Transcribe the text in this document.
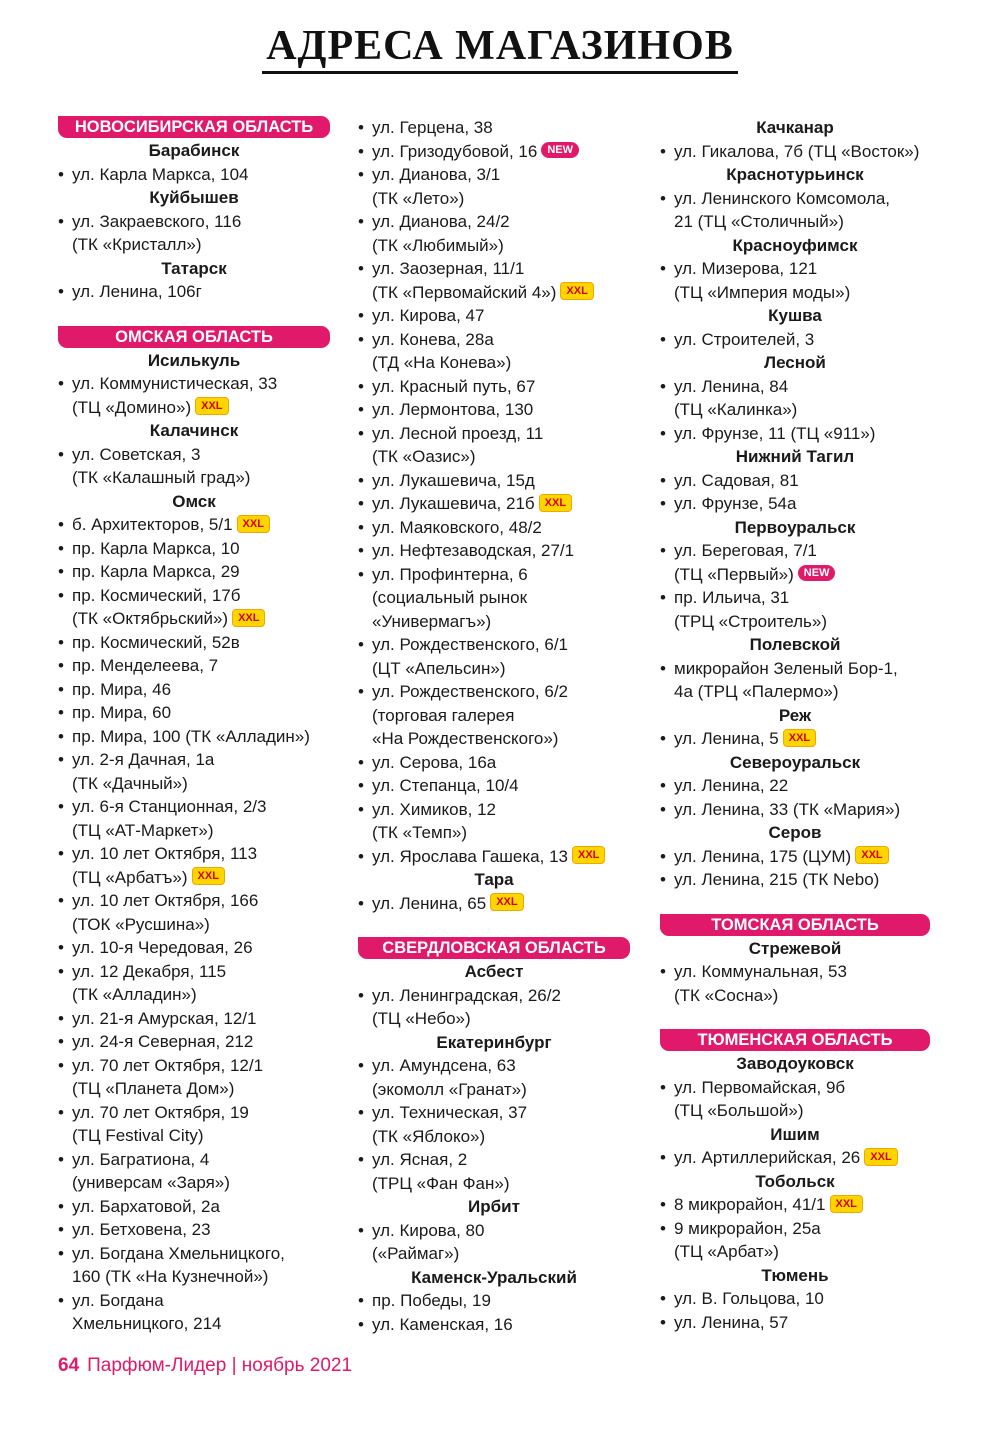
АДРЕСА МАГАЗИНОВ
НОВОСИБИРСКАЯ ОБЛАСТЬ
Барабинск
• ул. Карла Маркса, 104
Куйбышев
• ул. Закраевского, 116
(ТК «Кристалл»)
Татарск
• ул. Ленина, 106г
ОМСКАЯ ОБЛАСТЬ
Исилькуль
• ул. Коммунистическая, 33
(ТЦ «Домино») XXL
Калачинск
• ул. Советская, 3
(ТК «Калашный град»)
Омск
• б. Архитекторов, 5/1 XXL
• пр. Карла Маркса, 10
• пр. Карла Маркса, 29
• пр. Космический, 17б
(ТК «Октябрьский») XXL
• пр. Космический, 52в
• пр. Менделеева, 7
• пр. Мира, 46
• пр. Мира, 60
• пр. Мира, 100 (ТК «Алладин»)
• ул. 2-я Дачная, 1а
(ТК «Дачный»)
• ул. 6-я Станционная, 2/3
(ТЦ «АТ-Маркет»)
• ул. 10 лет Октября, 113
(ТЦ «Арбатъ») XXL
• ул. 10 лет Октября, 166
(ТОК «Русшина»)
• ул. 10-я Чередовая, 26
• ул. 12 Декабря, 115
(ТК «Алладин»)
• ул. 21-я Амурская, 12/1
• ул. 24-я Северная, 212
• ул. 70 лет Октября, 12/1
(ТЦ «Планета Дом»)
• ул. 70 лет Октября, 19
(ТЦ Festival City)
• ул. Багратиона, 4
(универсам «Заря»)
• ул. Бархатовой, 2а
• ул. Бетховена, 23
• ул. Богдана Хмельницкого,
160 (ТК «На Кузнечной»)
• ул. Богдана
Хмельницкого, 214
• ул. Герцена, 38
• ул. Гризодубовой, 16 NEW
• ул. Дианова, 3/1
(ТК «Лето»)
• ул. Дианова, 24/2
(ТК «Любимый»)
• ул. Заозерная, 11/1
(ТК «Первомайский 4») XXL
• ул. Кирова, 47
• ул. Конева, 28а
(ТД «На Конева»)
• ул. Красный путь, 67
• ул. Лермонтова, 130
• ул. Лесной проезд, 11
(ТК «Оазис»)
• ул. Лукашевича, 15д
• ул. Лукашевича, 21б XXL
• ул. Маяковского, 48/2
• ул. Нефтезаводская, 27/1
• ул. Профинтерна, 6
(социальный рынок
«Универмагъ»)
• ул. Рождественского, 6/1
(ЦТ «Апельсин»)
• ул. Рождественского, 6/2
(торговая галерея
«На Рождественского»)
• ул. Серова, 16а
• ул. Степанца, 10/4
• ул. Химиков, 12
(ТК «Темп»)
• ул. Ярослава Гашека, 13 XXL
Тара
• ул. Ленина, 65 XXL
СВЕРДЛОВСКАЯ ОБЛАСТЬ
Асбест
• ул. Ленинградская, 26/2
(ТЦ «Небо»)
Екатеринбург
• ул. Амундсена, 63
(экомолл «Гранат»)
• ул. Техническая, 37
(ТК «Яблоко»)
• ул. Ясная, 2
(ТРЦ «Фан Фан»)
Ирбит
• ул. Кирова, 80
(«Раймаг»)
Каменск-Уральский
• пр. Победы, 19
• ул. Каменская, 16
Качканар
• ул. Гикалова, 7б (ТЦ «Восток»)
Краснотурьинск
• ул. Ленинского Комсомола,
21 (ТЦ «Столичный»)
Красноуфимск
• ул. Мизерова, 121
(ТЦ «Империя моды»)
Кушва
• ул. Строителей, 3
Лесной
• ул. Ленина, 84
(ТЦ «Калинка»)
• ул. Фрунзе, 11 (ТЦ «911»)
Нижний Тагил
• ул. Садовая, 81
• ул. Фрунзе, 54а
Первоуральск
• ул. Береговая, 7/1
(ТЦ «Первый») NEW
• пр. Ильича, 31
(ТРЦ «Строитель»)
Полевской
• микрорайон Зеленый Бор-1,
4а (ТРЦ «Палермо»)
Реж
• ул. Ленина, 5 XXL
Североуральск
• ул. Ленина, 22
• ул. Ленина, 33 (ТК «Мария»)
Серов
• ул. Ленина, 175 (ЦУМ) XXL
• ул. Ленина, 215 (ТК Nebo)
ТОМСКАЯ ОБЛАСТЬ
Стрежевой
• ул. Коммунальная, 53
(ТК «Сосна»)
ТЮМЕНСКАЯ ОБЛАСТЬ
Заводоуковск
• ул. Первомайская, 9б
(ТЦ «Большой»)
Ишим
• ул. Артиллерийская, 26 XXL
Тобольск
• 8 микрорайон, 41/1 XXL
• 9 микрорайон, 25а
(ТЦ «Арбат»)
Тюмень
• ул. В. Гольцова, 10
• ул. Ленина, 57
64 Парфюм-Лидер | ноябрь 2021
